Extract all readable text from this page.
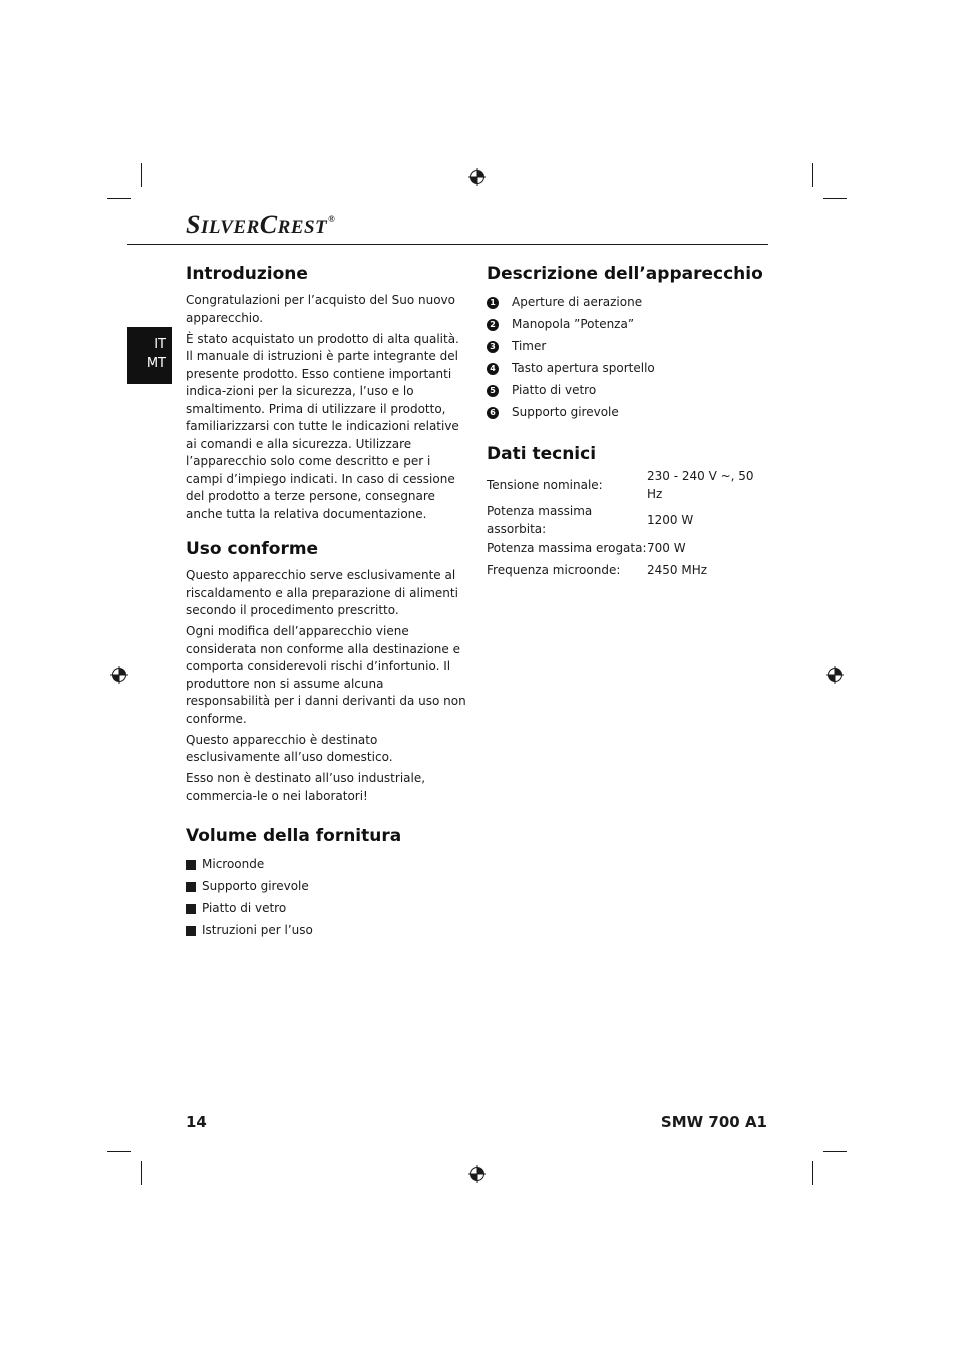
SILVERCREST®
IT
MT
Introduzione

Congratulazioni per l’acquisto del Suo nuovo apparecchio.

È stato acquistato un prodotto di alta qualità. Il manuale di istruzioni è parte integrante del presente prodotto. Esso contiene importanti indica-zioni per la sicurezza, l’uso e lo smaltimento. Prima di utilizzare il prodotto, familiarizzarsi con tutte le indicazioni relative ai comandi e alla sicurezza. Utilizzare l’apparecchio solo come descritto e per i campi d’impiego indicati. In caso di cessione del prodotto a terze persone, consegnare anche tutta la relativa documentazione.

Uso conforme

Questo apparecchio serve esclusivamente al riscaldamento e alla preparazione di alimenti secondo il procedimento prescritto.

Ogni modifica dell’apparecchio viene considerata non conforme alla destinazione e comporta considerevoli rischi d’infortunio. Il produttore non si assume alcuna responsabilità per i danni derivanti da uso non conforme.

Questo apparecchio è destinato esclusivamente all’uso domestico.

Esso non è destinato all’uso industriale, commercia-le o nei laboratori!

Volume della fornitura
Microonde
Supporto girevole
Piatto di vetro
Istruzioni per l’uso
Descrizione dell’apparecchio
1 Aperture di aerazione
2 Manopola ”Potenza”
3 Timer
4 Tasto apertura sportello
5 Piatto di vetro
6 Supporto girevole
Dati tecnici
Tensione nominale:	230 - 240 V ~, 50 Hz
Potenza massima assorbita:	1200 W
Potenza massima erogata:	700 W
Frequenza microonde:	2450 MHz
14	SMW 700 A1
